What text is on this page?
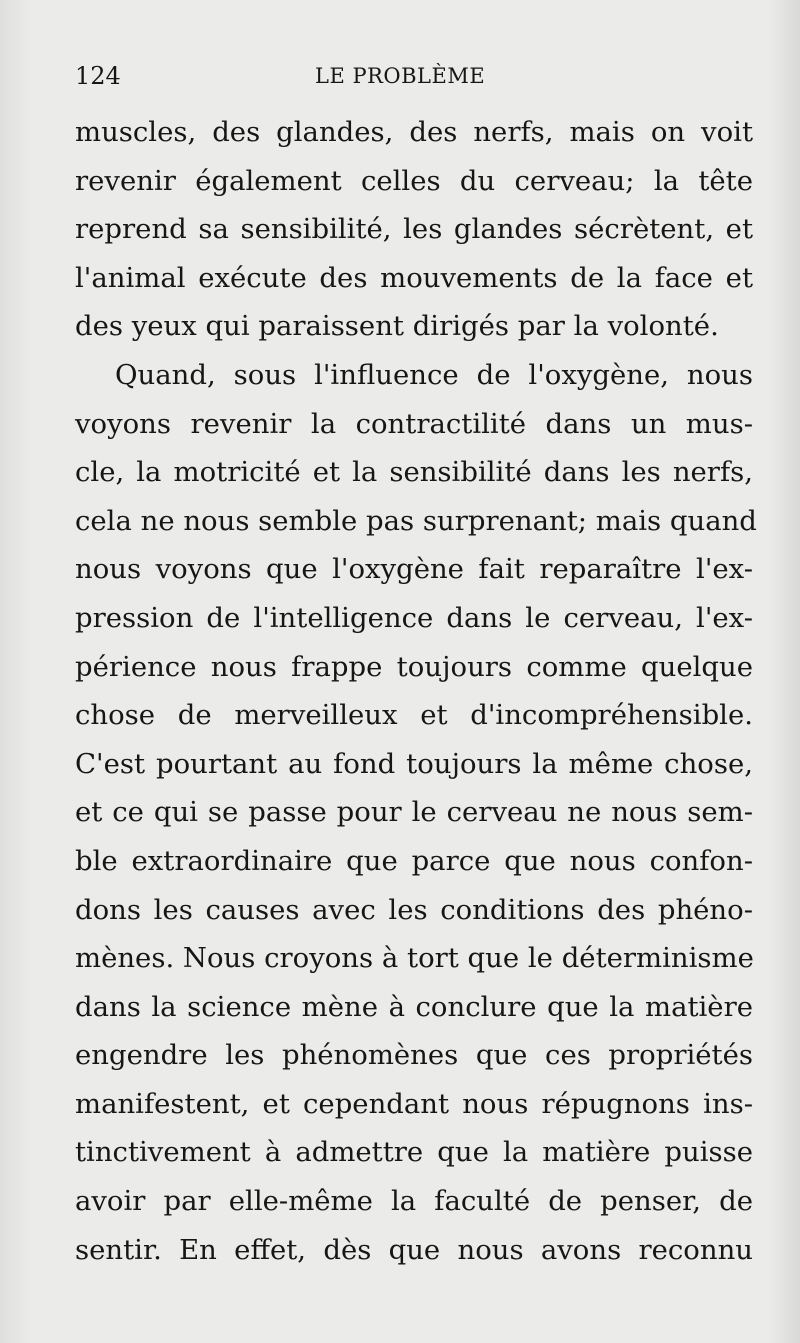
124	LE PROBLÈME
muscles, des glandes, des nerfs, mais on voit
revenir également celles du cerveau; la tête
reprend sa sensibilité, les glandes sécrètent, et
l'animal exécute des mouvements de la face et
des yeux qui paraissent dirigés par la volonté.
Quand, sous l'influence de l'oxygène, nous
voyons revenir la contractilité dans un mus-
cle, la motricité et la sensibilité dans les nerfs,
cela ne nous semble pas surprenant; mais quand
nous voyons que l'oxygène fait reparaître l'ex-
pression de l'intelligence dans le cerveau, l'ex-
périence nous frappe toujours comme quelque
chose de merveilleux et d'incompréhensible.
C'est pourtant au fond toujours la même chose,
et ce qui se passe pour le cerveau ne nous sem-
ble extraordinaire que parce que nous confon-
dons les causes avec les conditions des phéno-
mènes. Nous croyons à tort que le déterminisme
dans la science mène à conclure que la matière
engendre les phénomènes que ces propriétés
manifestent, et cependant nous répugnons ins-
tinctivement à admettre que la matière puisse
avoir par elle-même la faculté de penser, de
sentir. En effet, dès que nous avons reconnu
